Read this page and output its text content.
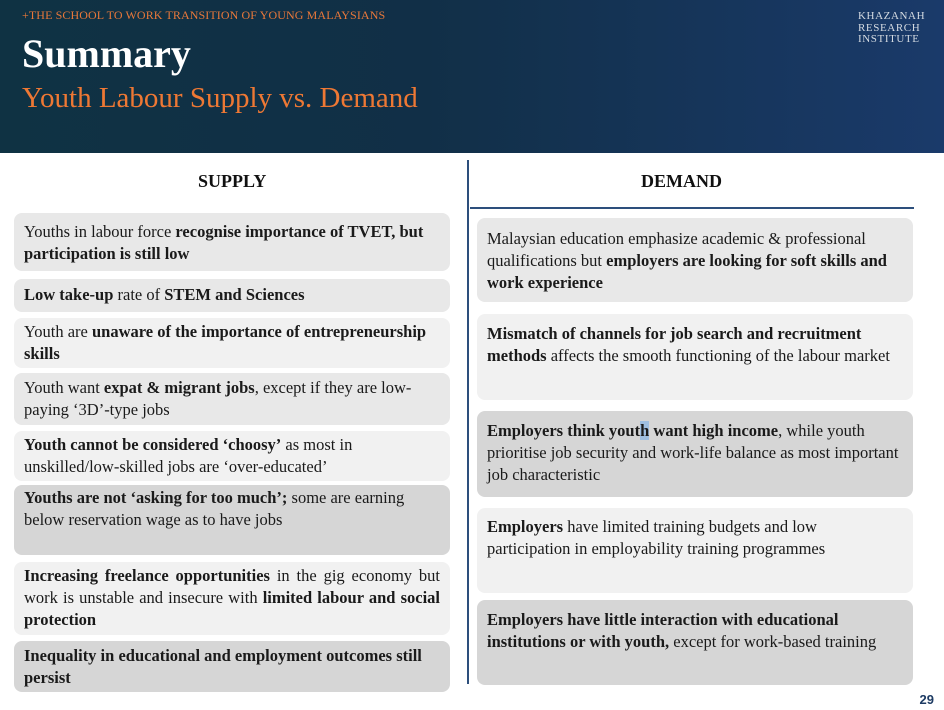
+THE SCHOOL TO WORK TRANSITION OF YOUNG MALAYSIANS
Summary
Youth Labour Supply vs. Demand
KHAZANAH
RESEARCH
INSTITUTE
SUPPLY	DEMAND
Youths in labour force recognise importance of TVET, but participation is still low
Low take-up rate of STEM and Sciences
Youth are unaware of the importance of entrepreneurship skills
Youth want expat & migrant jobs, except if they are low-paying ‘3D’-type jobs
Youth cannot be considered ‘choosy’ as most in unskilled/low-skilled jobs are ‘over-educated’
Youths are not ‘asking for too much’; some are earning below reservation wage as to have jobs
Increasing freelance opportunities in the gig economy but work is unstable and insecure with limited labour and social protection
Inequality in educational and employment outcomes still persist
Malaysian education emphasize academic & professional qualifications but employers are looking for soft skills and work experience
Mismatch of channels for job search and recruitment methods affects the smooth functioning of the labour market
Employers think youth want high income, while youth prioritise job security and work-life balance as most important job characteristic
Employers have limited training budgets and low participation in employability training programmes
Employers have little interaction with educational institutions or with youth, except for work-based training
29
